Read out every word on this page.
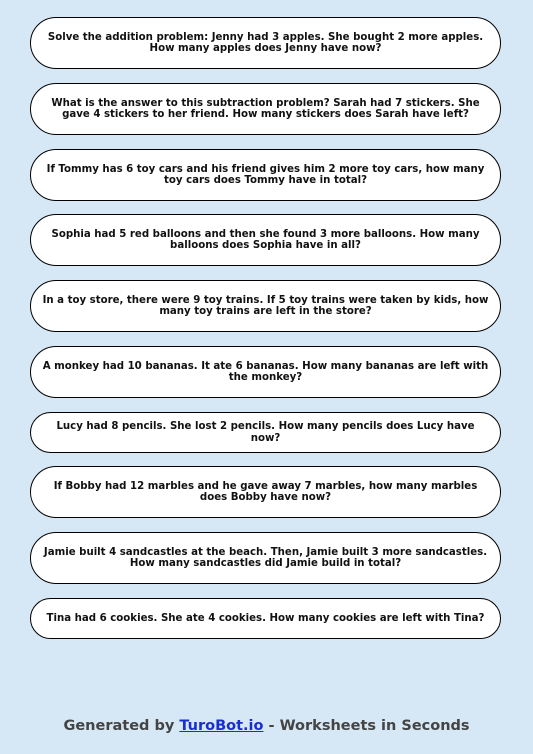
Solve the addition problem: Jenny had 3 apples. She bought 2 more apples. How many apples does Jenny have now?
What is the answer to this subtraction problem? Sarah had 7 stickers. She gave 4 stickers to her friend. How many stickers does Sarah have left?
If Tommy has 6 toy cars and his friend gives him 2 more toy cars, how many toy cars does Tommy have in total?
Sophia had 5 red balloons and then she found 3 more balloons. How many balloons does Sophia have in all?
In a toy store, there were 9 toy trains. If 5 toy trains were taken by kids, how many toy trains are left in the store?
A monkey had 10 bananas. It ate 6 bananas. How many bananas are left with the monkey?
Lucy had 8 pencils. She lost 2 pencils. How many pencils does Lucy have now?
If Bobby had 12 marbles and he gave away 7 marbles, how many marbles does Bobby have now?
Jamie built 4 sandcastles at the beach. Then, Jamie built 3 more sandcastles. How many sandcastles did Jamie build in total?
Tina had 6 cookies. She ate 4 cookies. How many cookies are left with Tina?
Generated by TuroBot.io - Worksheets in Seconds
